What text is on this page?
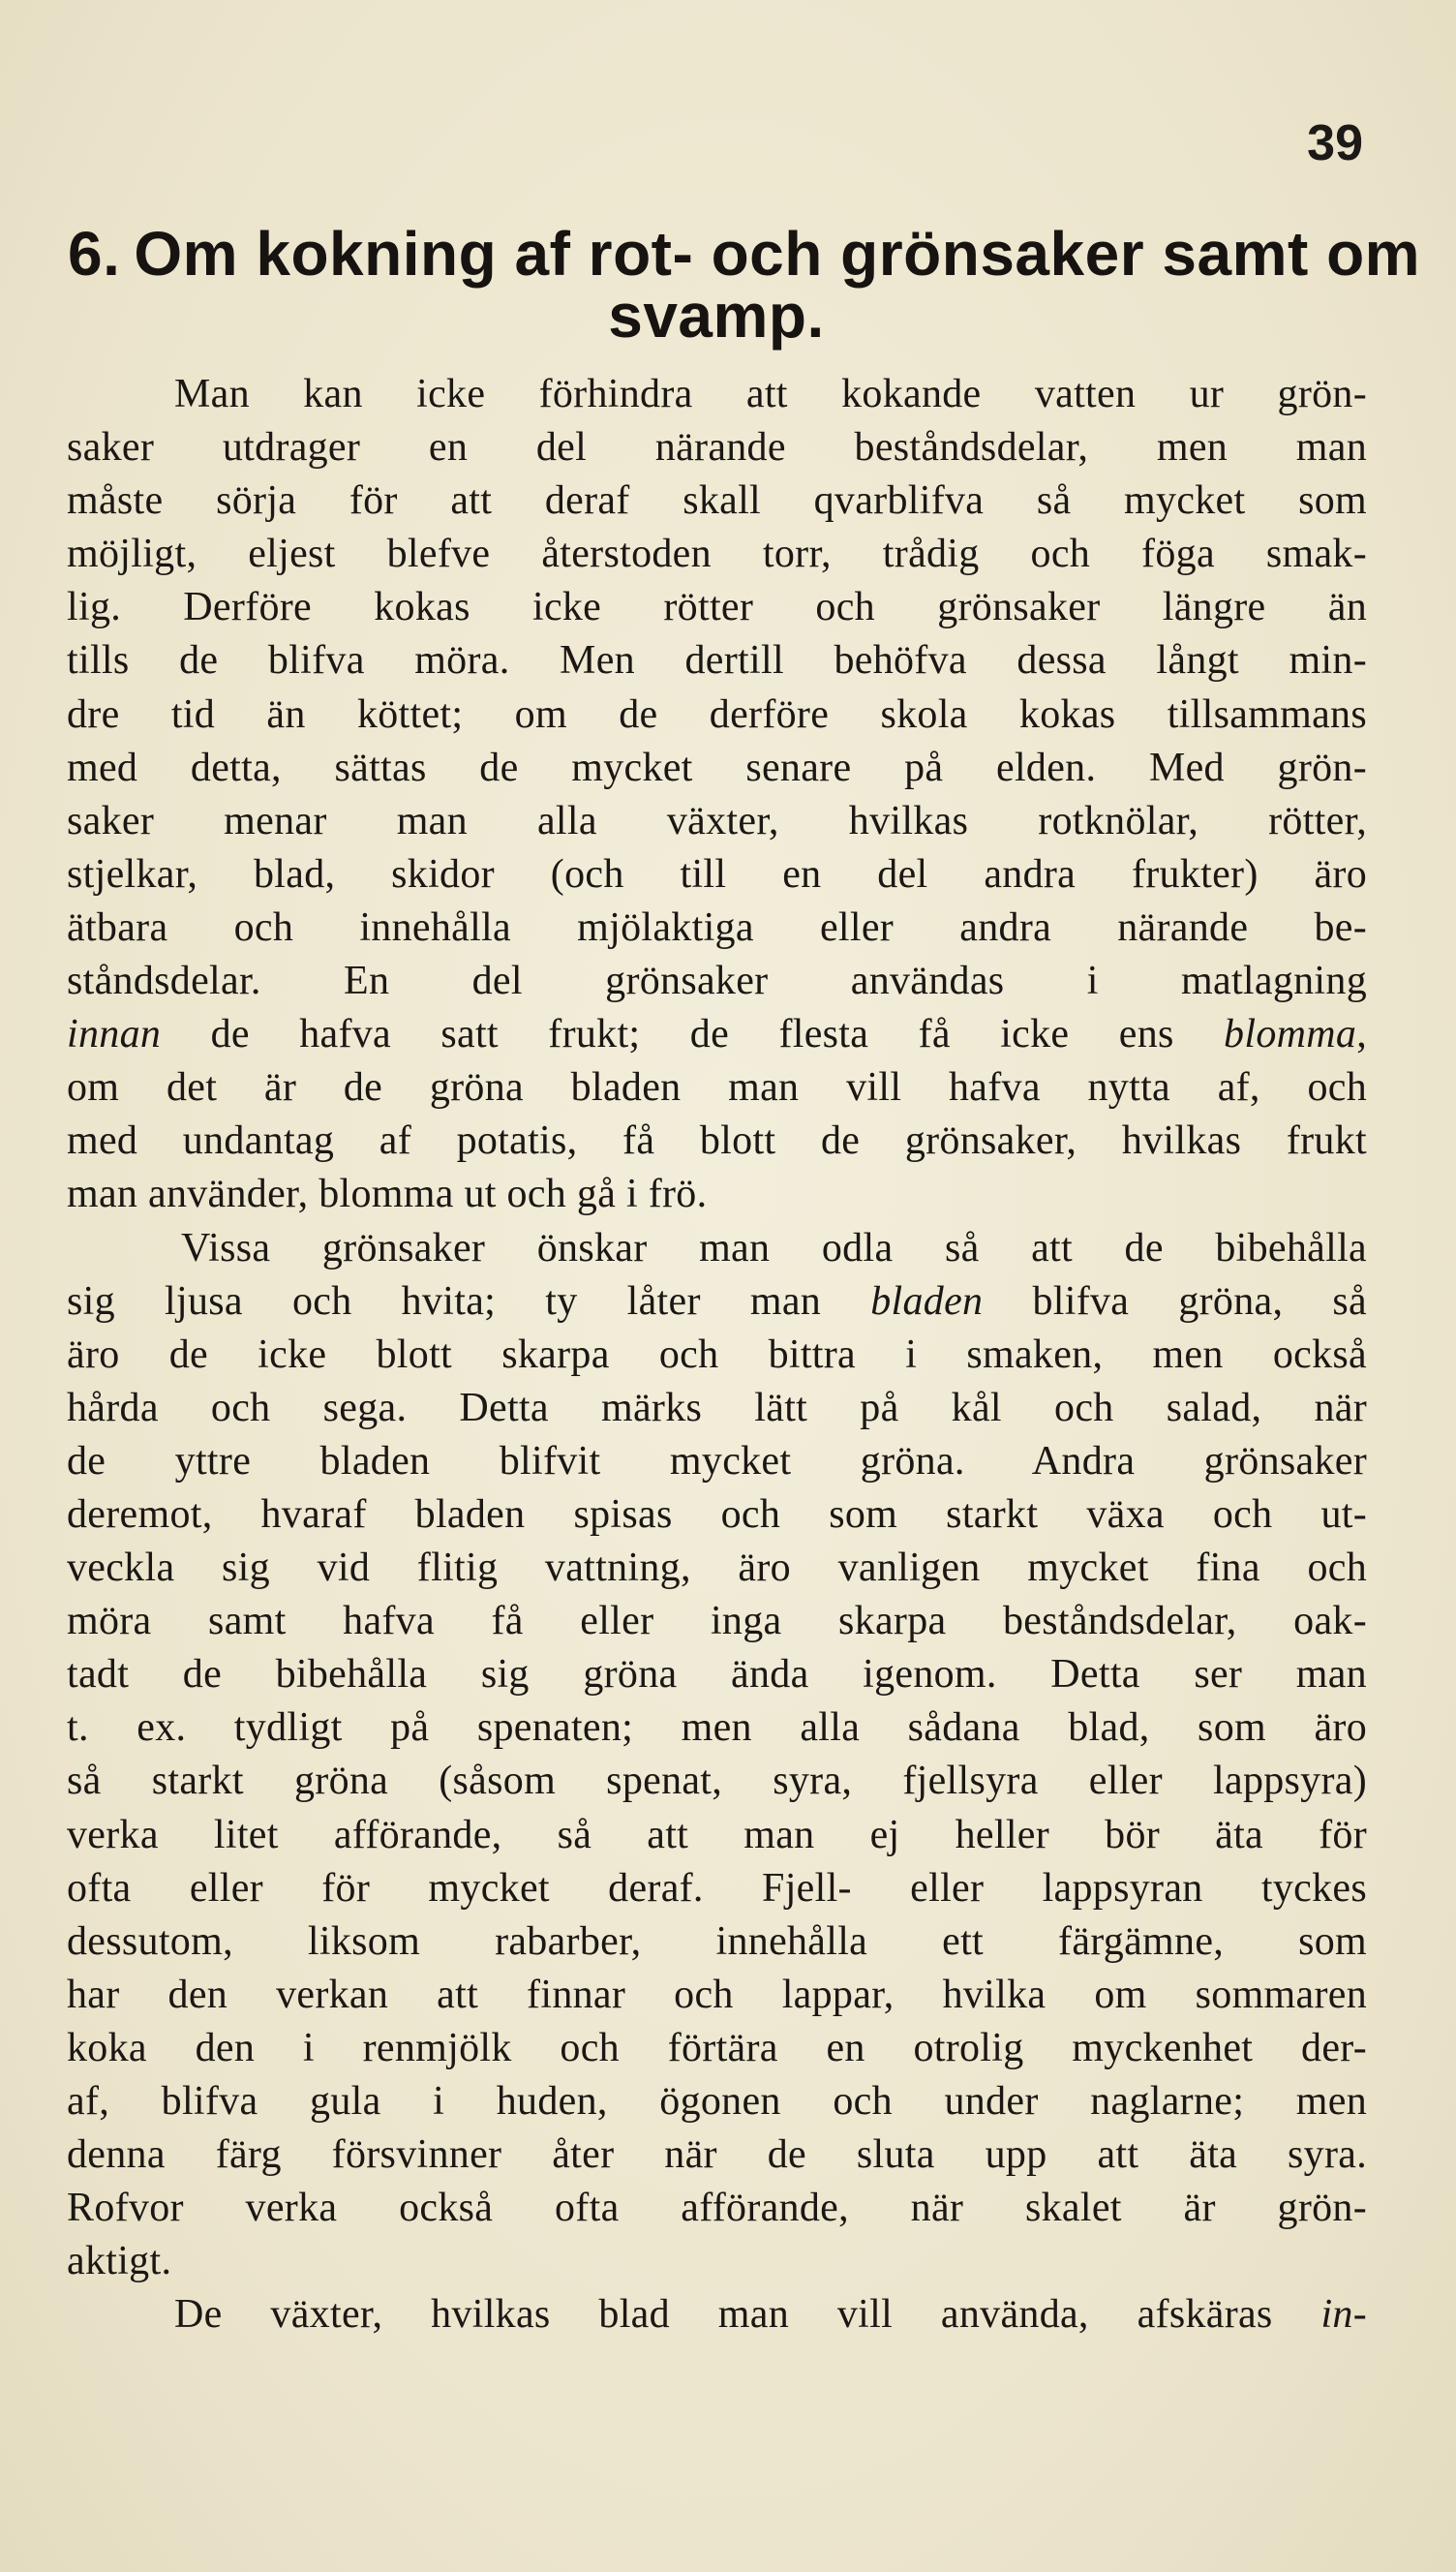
39
6. Om kokning af rot- och grönsaker samt om
svamp.
Man kan icke förhindra att kokande vatten ur grön-
saker utdrager en del närande beståndsdelar, men man
måste sörja för att deraf skall qvarblifva så mycket som
möjligt, eljest blefve återstoden torr, trådig och föga smak-
lig. Derföre kokas icke rötter och grönsaker längre än
tills de blifva möra. Men dertill behöfva dessa långt min-
dre tid än köttet; om de derföre skola kokas tillsammans
med detta, sättas de mycket senare på elden. Med grön-
saker menar man alla växter, hvilkas rotknölar, rötter,
stjelkar, blad, skidor (och till en del andra frukter) äro
ätbara och innehålla mjölaktiga eller andra närande be-
ståndsdelar. En del grönsaker användas i matlagning
innan de hafva satt frukt; de flesta få icke ens blomma,
om det är de gröna bladen man vill hafva nytta af, och
med undantag af potatis, få blott de grönsaker, hvilkas frukt
man använder, blomma ut och gå i frö.
Vissa grönsaker önskar man odla så att de bibehålla
sig ljusa och hvita; ty låter man bladen blifva gröna, så
äro de icke blott skarpa och bittra i smaken, men också
hårda och sega. Detta märks lätt på kål och salad, när
de yttre bladen blifvit mycket gröna. Andra grönsaker
deremot, hvaraf bladen spisas och som starkt växa och ut-
veckla sig vid flitig vattning, äro vanligen mycket fina och
möra samt hafva få eller inga skarpa beståndsdelar, oak-
tadt de bibehålla sig gröna ända igenom. Detta ser man
t. ex. tydligt på spenaten; men alla sådana blad, som äro
så starkt gröna (såsom spenat, syra, fjellsyra eller lappsyra)
verka litet afförande, så att man ej heller bör äta för
ofta eller för mycket deraf. Fjell- eller lappsyran tyckes
dessutom, liksom rabarber, innehålla ett färgämne, som
har den verkan att finnar och lappar, hvilka om sommaren
koka den i renmjölk och förtära en otrolig myckenhet der-
af, blifva gula i huden, ögonen och under naglarne; men
denna färg försvinner åter när de sluta upp att äta syra.
Rofvor verka också ofta afförande, när skalet är grön-
aktigt.
De växter, hvilkas blad man vill använda, afskäras in-
